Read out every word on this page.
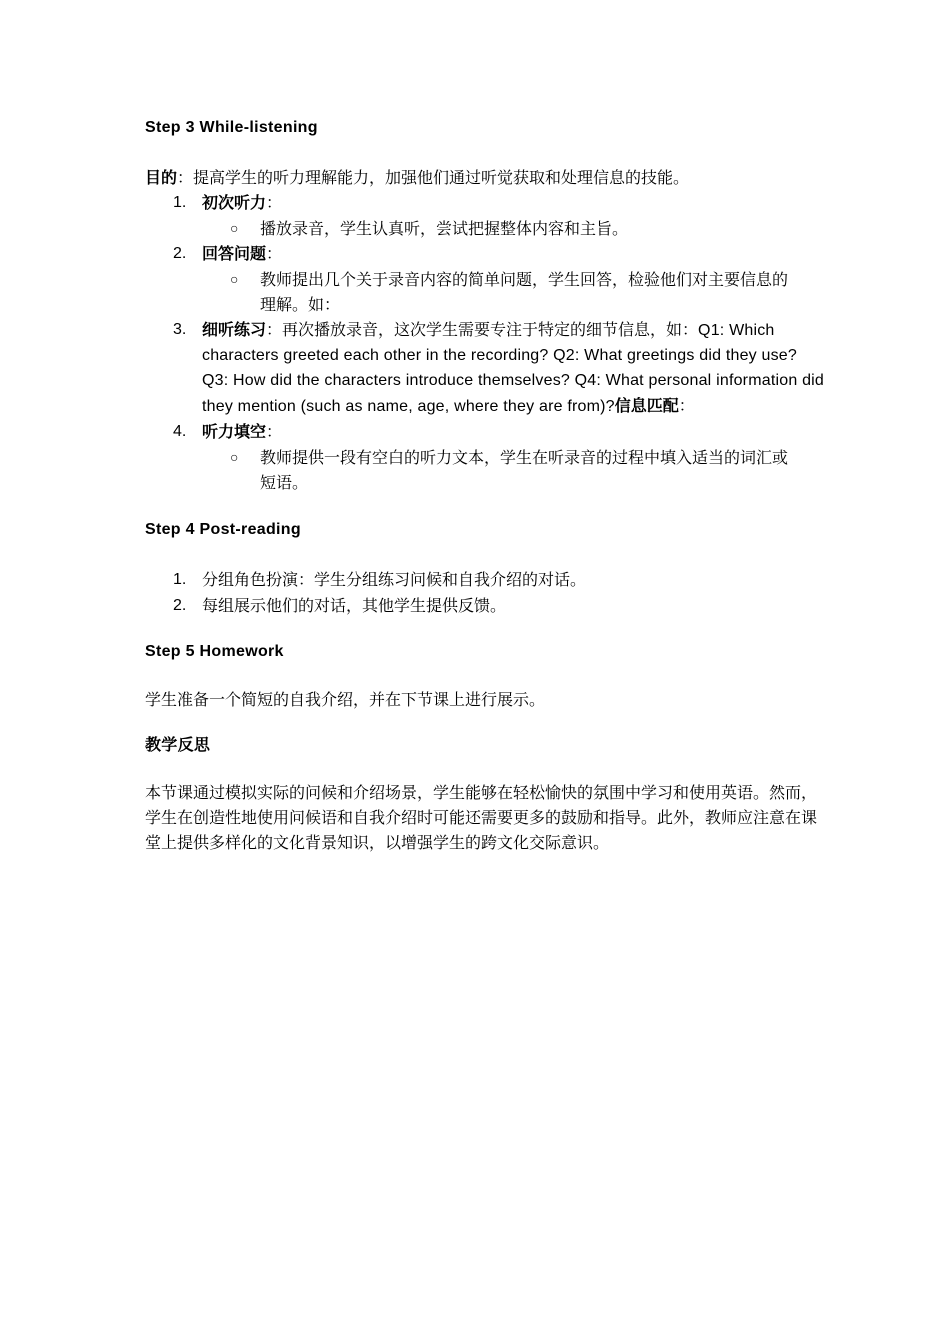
Step 3 While-listening

目的：提高学生的听力理解能力，加强他们通过听觉获取和处理信息的技能。

1. 初次听力：
○ 播放录音，学生认真听，尝试把握整体内容和主旨。
2. 回答问题：
○ 教师提出几个关于录音内容的简单问题，学生回答，检验他们对主要信息的理解。如：
3. 细听练习：再次播放录音，这次学生需要专注于特定的细节信息，如：Q1: Which characters greeted each other in the recording? Q2: What greetings did they use? Q3: How did the characters introduce themselves? Q4: What personal information did they mention (such as name, age, where they are from)?信息匹配：
4. 听力填空：
○ 教师提供一段有空白的听力文本，学生在听录音的过程中填入适当的词汇或短语。

Step 4 Post-reading

1. 分组角色扮演：学生分组练习问候和自我介绍的对话。
2. 每组展示他们的对话，其他学生提供反馈。

Step 5 Homework

学生准备一个简短的自我介绍，并在下节课上进行展示。

教学反思

本节课通过模拟实际的问候和介绍场景，学生能够在轻松愉快的氛围中学习和使用英语。然而，学生在创造性地使用问候语和自我介绍时可能还需要更多的鼓励和指导。此外，教师应注意在课堂上提供多样化的文化背景知识，以增强学生的跨文化交际意识。
